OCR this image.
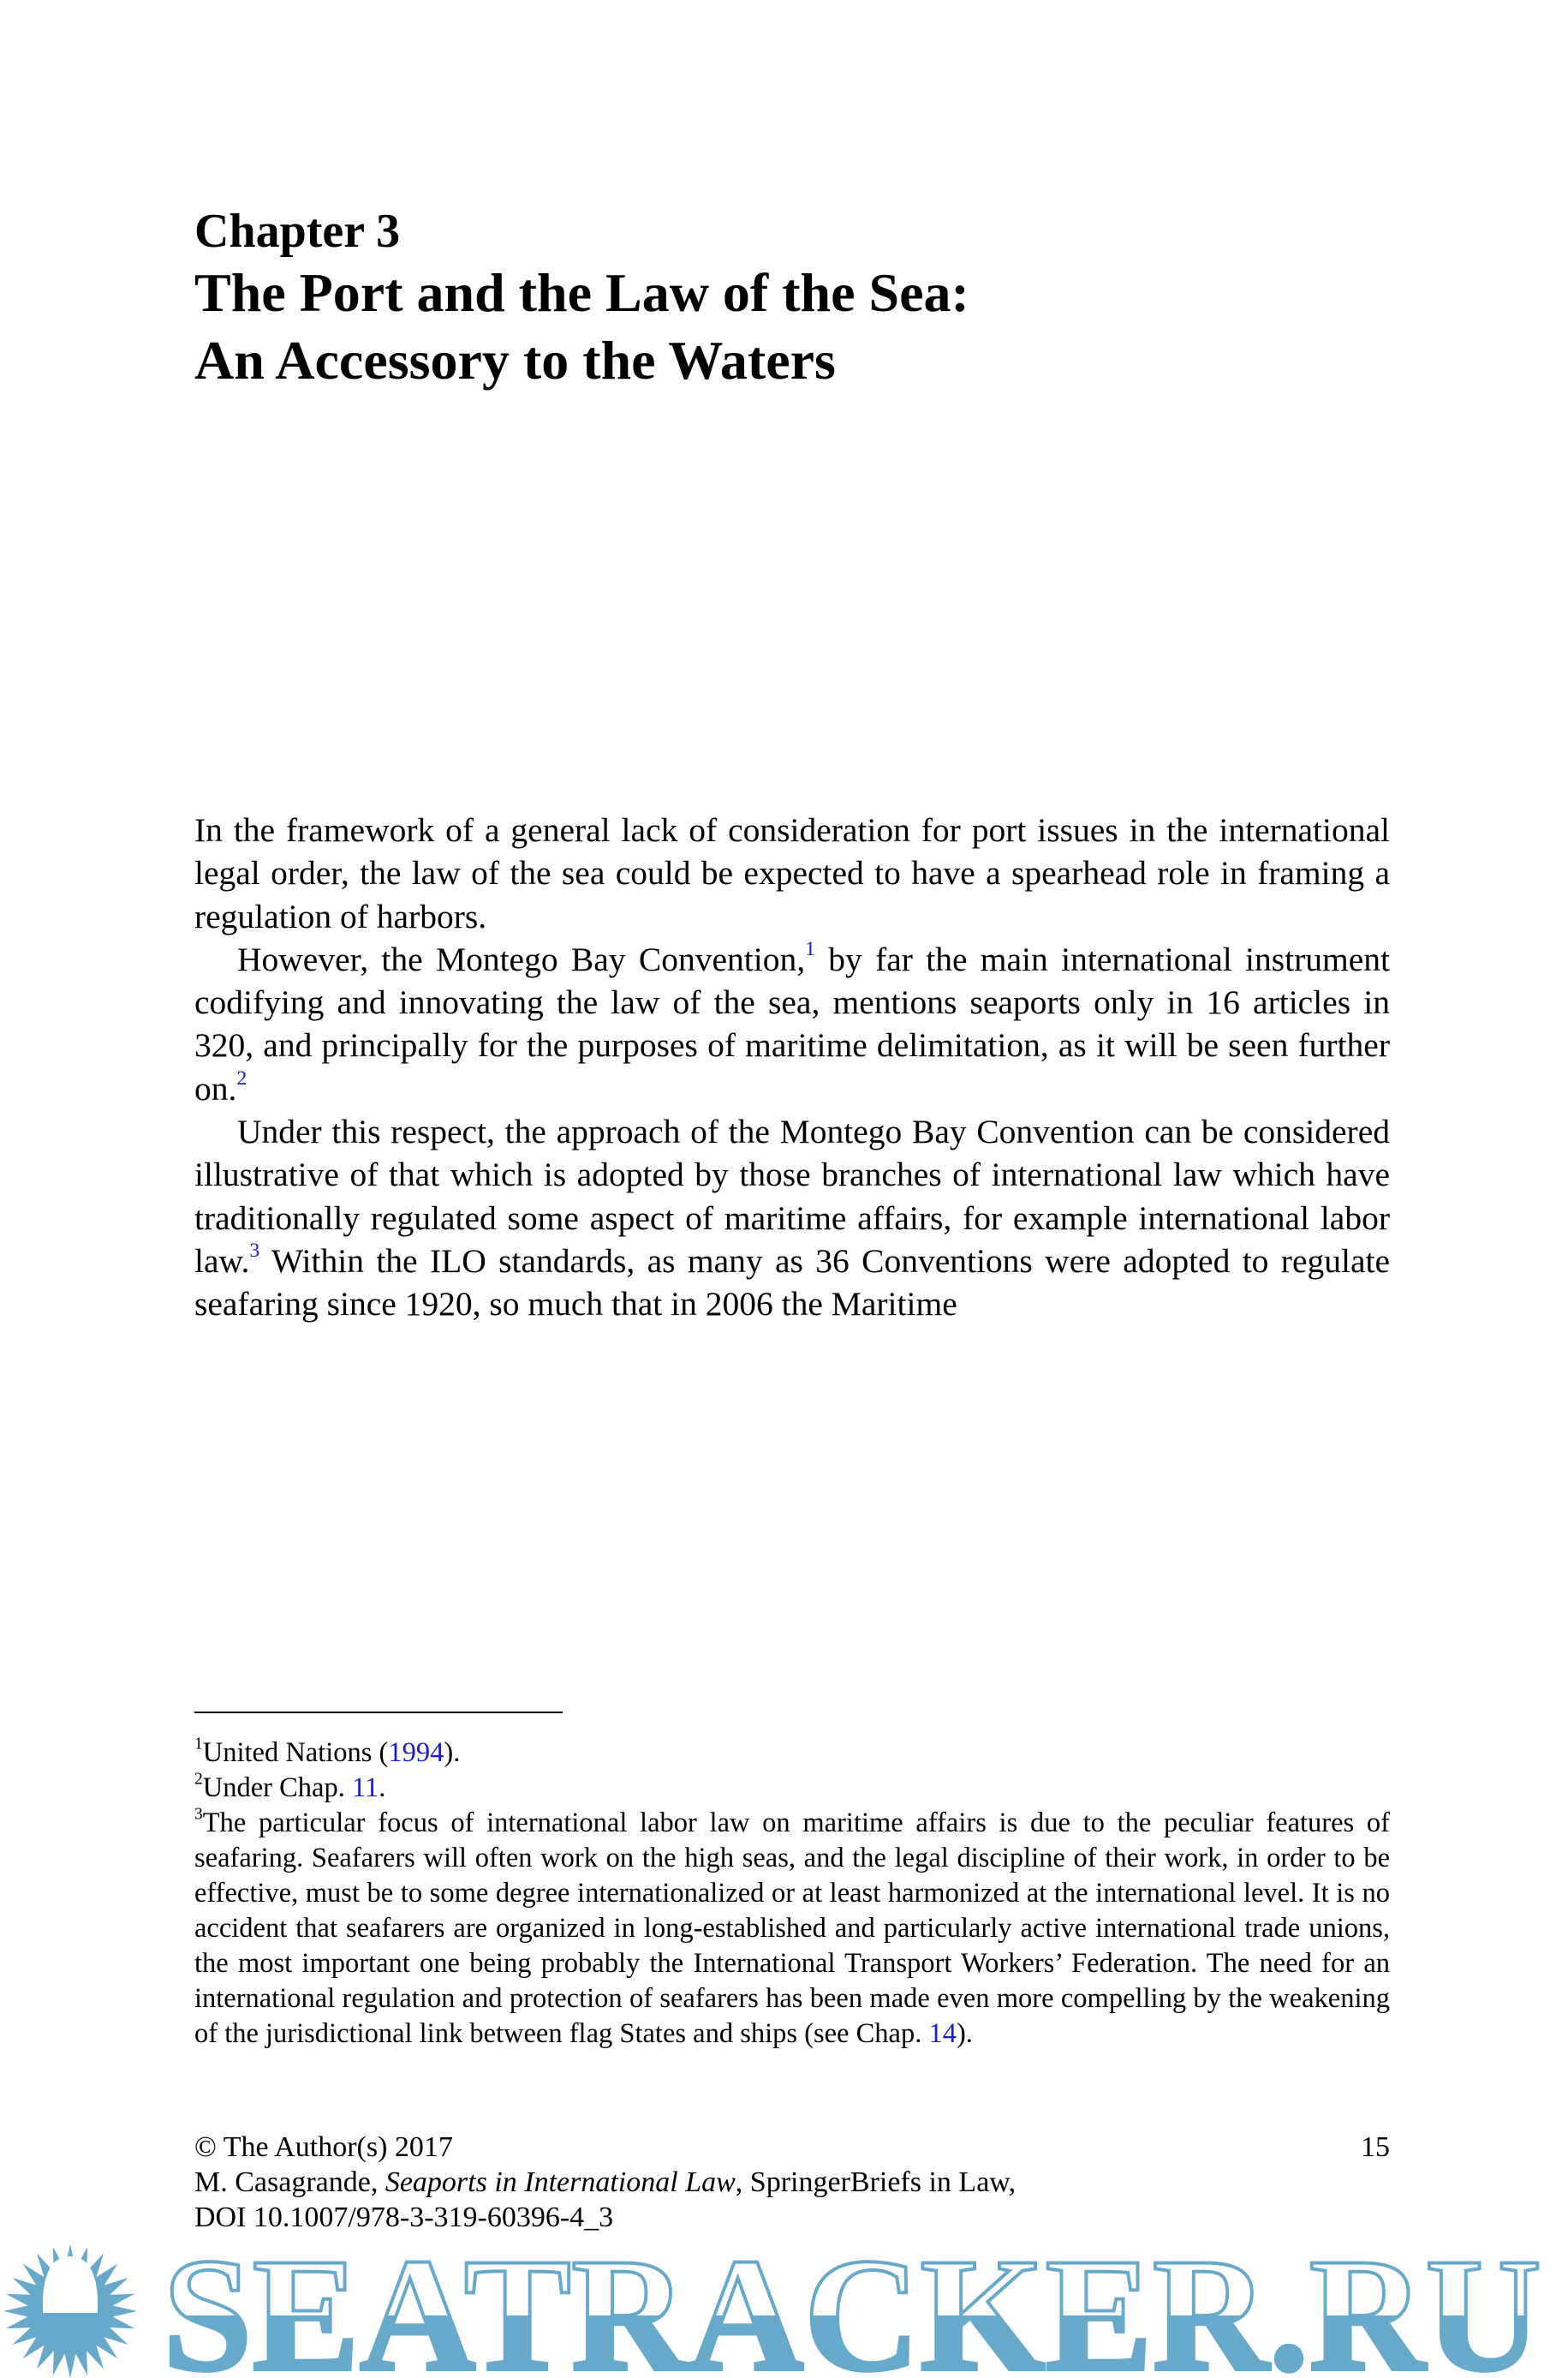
Chapter 3
The Port and the Law of the Sea:
An Accessory to the Waters

In the framework of a general lack of consideration for port issues in the international legal order, the law of the sea could be expected to have a spearhead role in framing a regulation of harbors.

However, the Montego Bay Convention,$^1$ by far the main international instrument codifying and innovating the law of the sea, mentions seaports only in 16 articles in 320, and principally for the purposes of maritime delimitation, as it will be seen further on.$^2$

Under this respect, the approach of the Montego Bay Convention can be considered illustrative of that which is adopted by those branches of international law which have traditionally regulated some aspect of maritime affairs, for example international labor law.$^3$ Within the ILO standards, as many as 36 Conventions were adopted to regulate seafaring since 1920, so much that in 2006 the Maritime

$^1$United Nations (1994).

$^2$Under Chap. 11.

$^3$The particular focus of international labor law on maritime affairs is due to the peculiar features of seafaring. Seafarers will often work on the high seas, and the legal discipline of their work, in order to be effective, must be to some degree internationalized or at least harmonized at the international level. It is no accident that seafarers are organized in long-established and particularly active international trade unions, the most important one being probably the International Transport Workers’ Federation. The need for an international regulation and protection of seafarers has been made even more compelling by the weakening of the jurisdictional link between flag States and ships (see Chap. 14).

© The Author(s) 2017	15
M. Casagrande, Seaports in International Law, SpringerBriefs in Law,
DOI 10.1007/978-3-319-60396-4_3
SEATRACKER.RU
